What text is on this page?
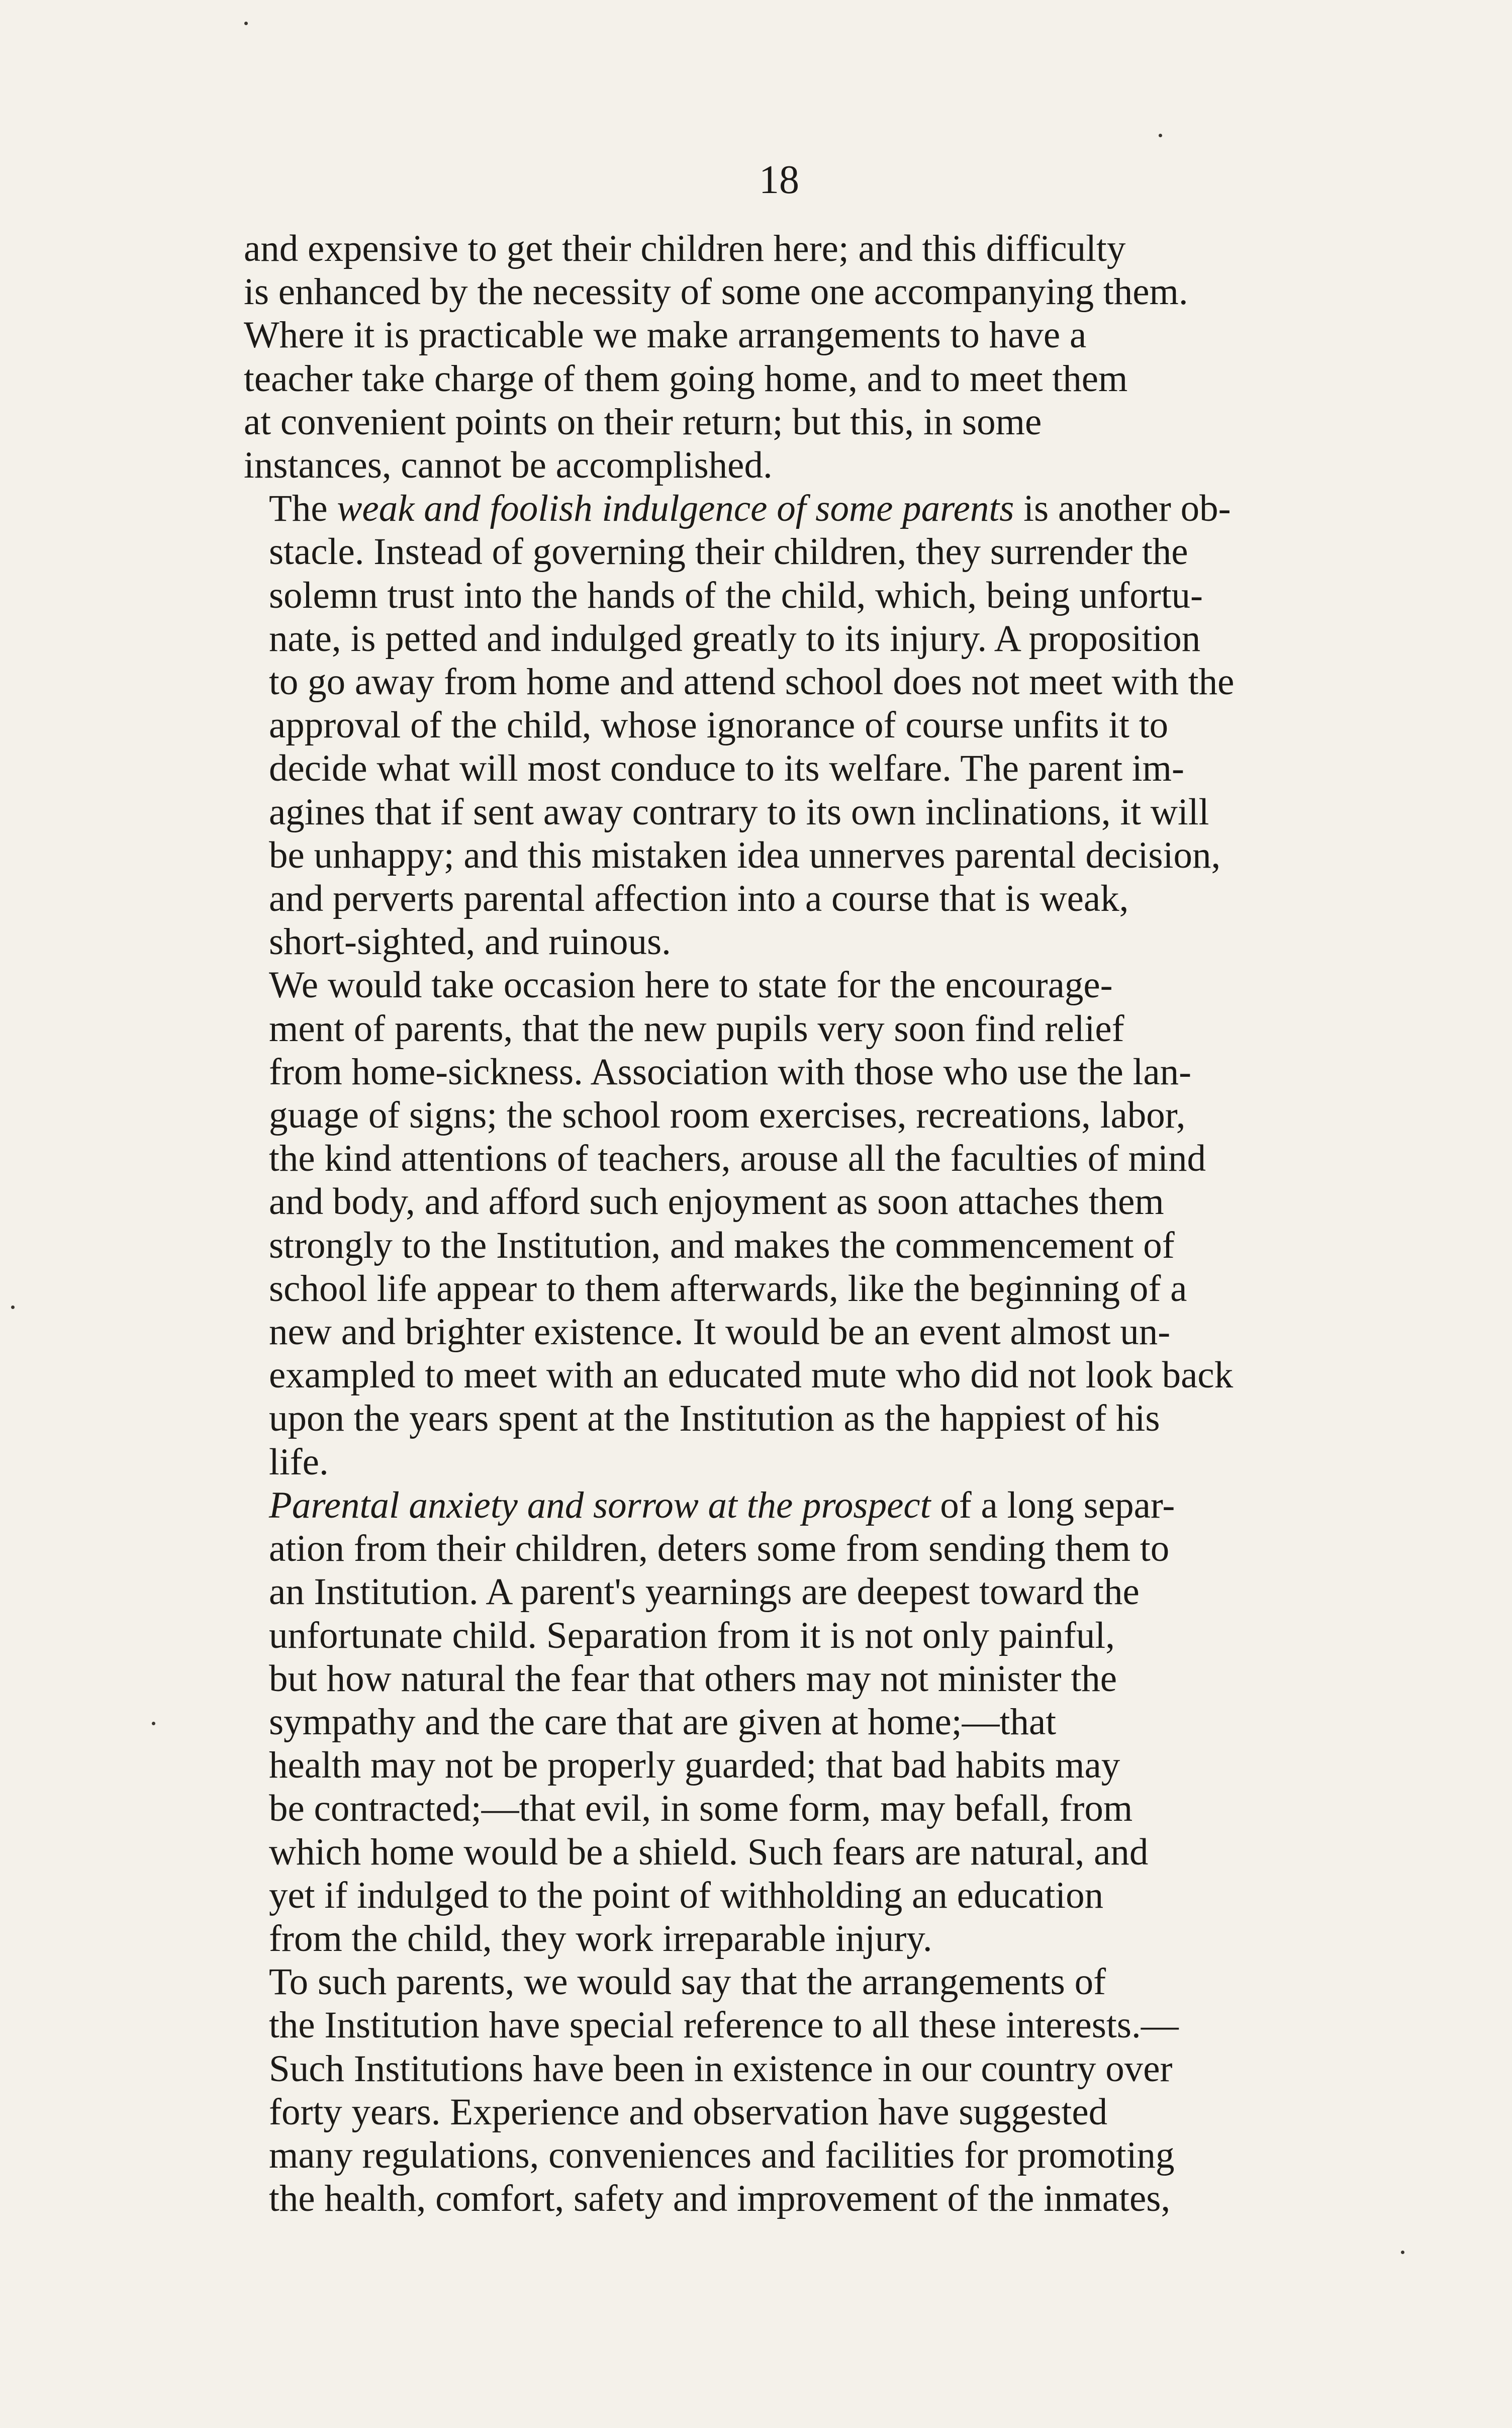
18

and expensive to get their children here; and this difficulty
is enhanced by the necessity of some one accompanying them.
Where it is practicable we make arrangements to have a
teacher take charge of them going home, and to meet them
at convenient points on their return; but this, in some
instances, cannot be accomplished.

The weak and foolish indulgence of some parents is another ob-
stacle. Instead of governing their children, they surrender the
solemn trust into the hands of the child, which, being unfortu-
nate, is petted and indulged greatly to its injury. A proposition
to go away from home and attend school does not meet with the
approval of the child, whose ignorance of course unfits it to
decide what will most conduce to its welfare. The parent im-
agines that if sent away contrary to its own inclinations, it will
be unhappy; and this mistaken idea unnerves parental decision,
and perverts parental affection into a course that is weak,
short-sighted, and ruinous.

We would take occasion here to state for the encourage-
ment of parents, that the new pupils very soon find relief
from home-sickness. Association with those who use the lan-
guage of signs; the school room exercises, recreations, labor,
the kind attentions of teachers, arouse all the faculties of mind
and body, and afford such enjoyment as soon attaches them
strongly to the Institution, and makes the commencement of
school life appear to them afterwards, like the beginning of a
new and brighter existence. It would be an event almost un-
exampled to meet with an educated mute who did not look back
upon the years spent at the Institution as the happiest of his
life.

Parental anxiety and sorrow at the prospect of a long separ-
ation from their children, deters some from sending them to
an Institution. A parent's yearnings are deepest toward the
unfortunate child. Separation from it is not only painful,
but how natural the fear that others may not minister the
sympathy and the care that are given at home;—that
health may not be properly guarded; that bad habits may
be contracted;—that evil, in some form, may befall, from
which home would be a shield. Such fears are natural, and
yet if indulged to the point of withholding an education
from the child, they work irreparable injury.

To such parents, we would say that the arrangements of
the Institution have special reference to all these interests.—
Such Institutions have been in existence in our country over
forty years. Experience and observation have suggested
many regulations, conveniences and facilities for promoting
the health, comfort, safety and improvement of the inmates,
